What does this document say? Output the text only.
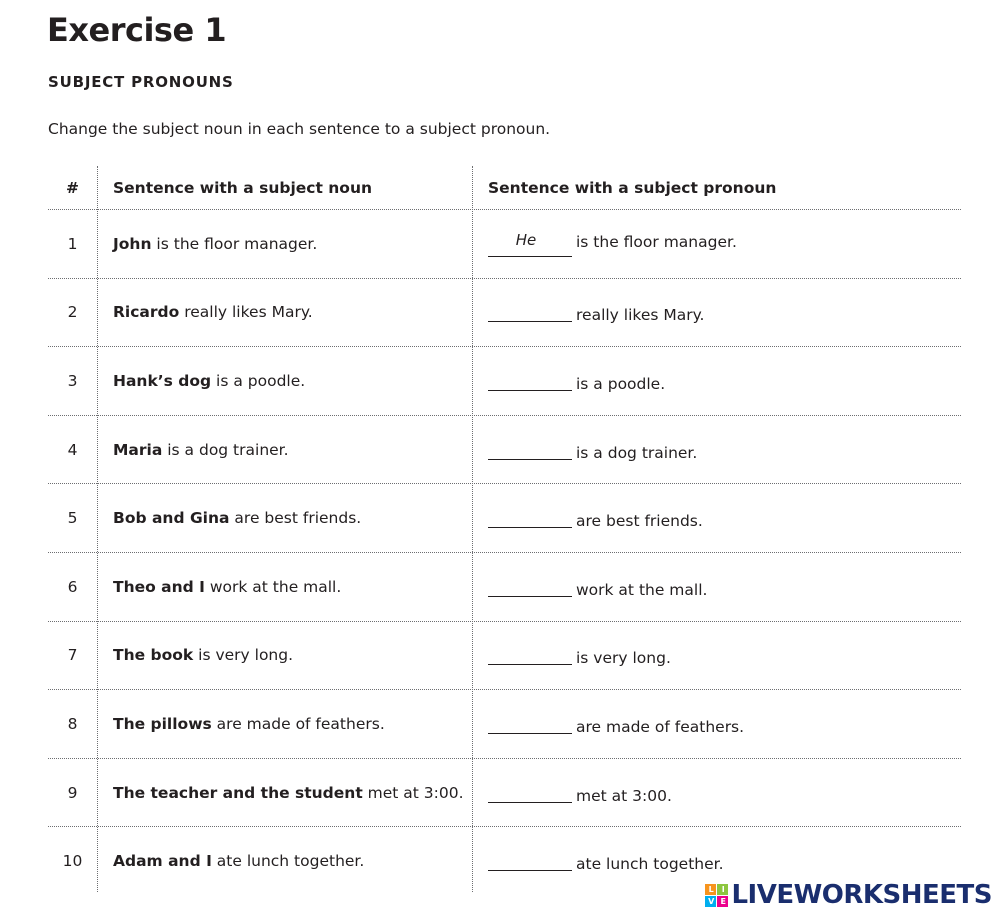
Exercise 1
SUBJECT PRONOUNS
Change the subject noun in each sentence to a subject pronoun.
#	Sentence with a subject noun	Sentence with a subject pronoun
1	John is the floor manager.	He	is the floor manager.
2	Ricardo really likes Mary.	really likes Mary.
3	Hank’s dog is a poodle.	is a poodle.
4	Maria is a dog trainer.	is a dog trainer.
5	Bob and Gina are best friends.	are best friends.
6	Theo and I work at the mall.	work at the mall.
7	The book is very long.	is very long.
8	The pillows are made of feathers.	are made of feathers.
9	The teacher and the student met at 3:00.	met at 3:00.
10	Adam and I ate lunch together.	ate lunch together.
L	I
V E LIVEWORKSHEETS
